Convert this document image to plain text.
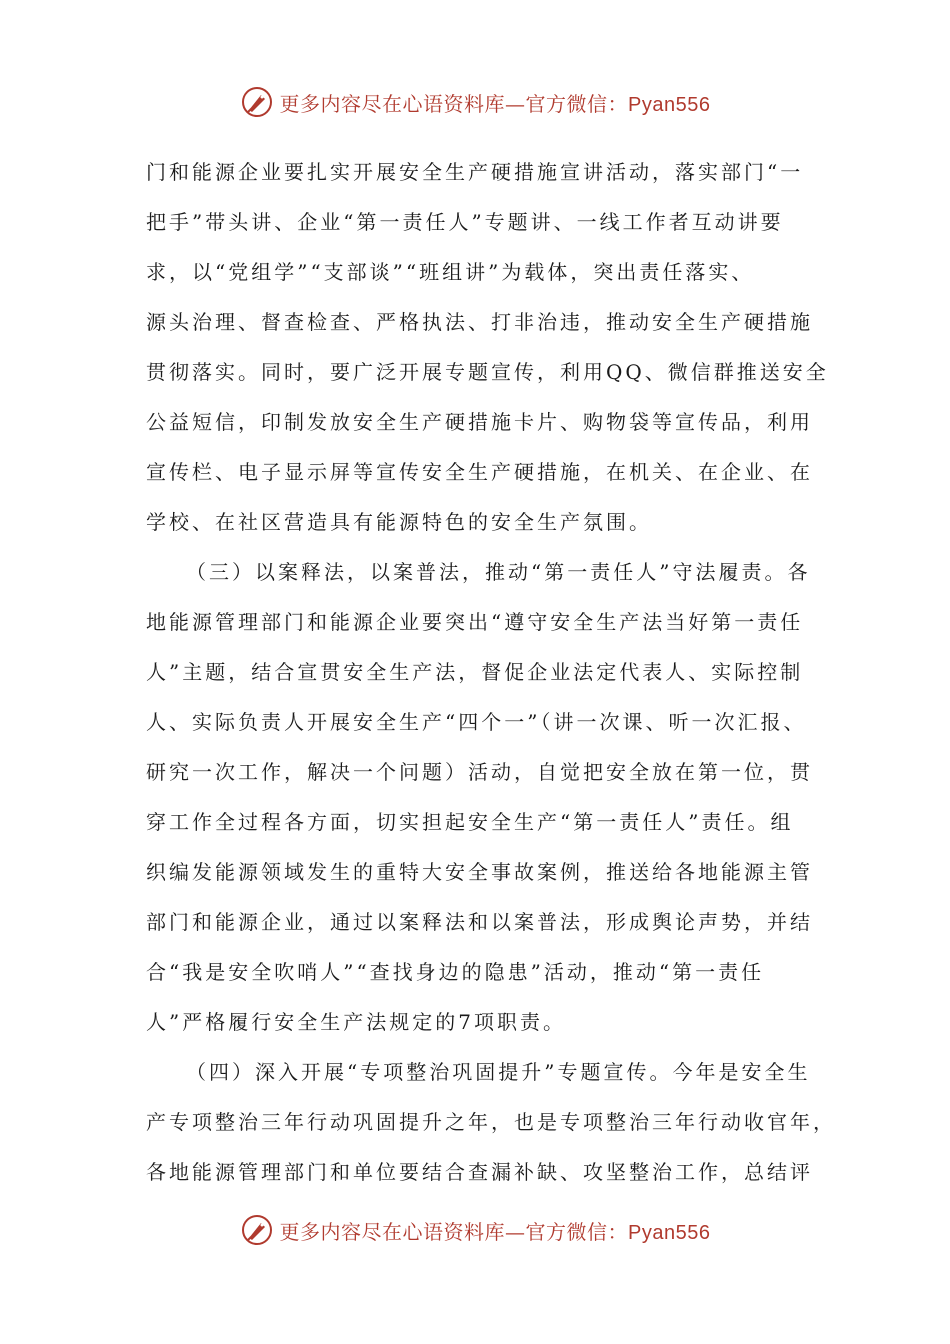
更多内容尽在心语资料库—官方微信：Pyan556
门和能源企业要扎实开展安全生产硬措施宣讲活动，落实部门“一
把手”带头讲、企业“第一责任人”专题讲、一线工作者互动讲要
求，以“党组学”“支部谈”“班组讲”为载体，突出责任落实、
源头治理、督查检查、严格执法、打非治违，推动安全生产硬措施
贯彻落实。同时，要广泛开展专题宣传，利用QQ、微信群推送安全
公益短信，印制发放安全生产硬措施卡片、购物袋等宣传品，利用
宣传栏、电子显示屏等宣传安全生产硬措施，在机关、在企业、在
学校、在社区营造具有能源特色的安全生产氛围。
（三）以案释法，以案普法，推动“第一责任人”守法履责。各
地能源管理部门和能源企业要突出“遵守安全生产法当好第一责任
人”主题，结合宣贯安全生产法，督促企业法定代表人、实际控制
人、实际负责人开展安全生产“四个一”（讲一次课、听一次汇报、
研究一次工作，解决一个问题）活动，自觉把安全放在第一位，贯
穿工作全过程各方面，切实担起安全生产“第一责任人”责任。组
织编发能源领域发生的重特大安全事故案例，推送给各地能源主管
部门和能源企业，通过以案释法和以案普法，形成舆论声势，并结
合“我是安全吹哨人”“查找身边的隐患”活动，推动“第一责任
人”严格履行安全生产法规定的7项职责。
（四）深入开展“专项整治巩固提升”专题宣传。今年是安全生
产专项整治三年行动巩固提升之年，也是专项整治三年行动收官年，
各地能源管理部门和单位要结合查漏补缺、攻坚整治工作，总结评
更多内容尽在心语资料库—官方微信：Pyan556
